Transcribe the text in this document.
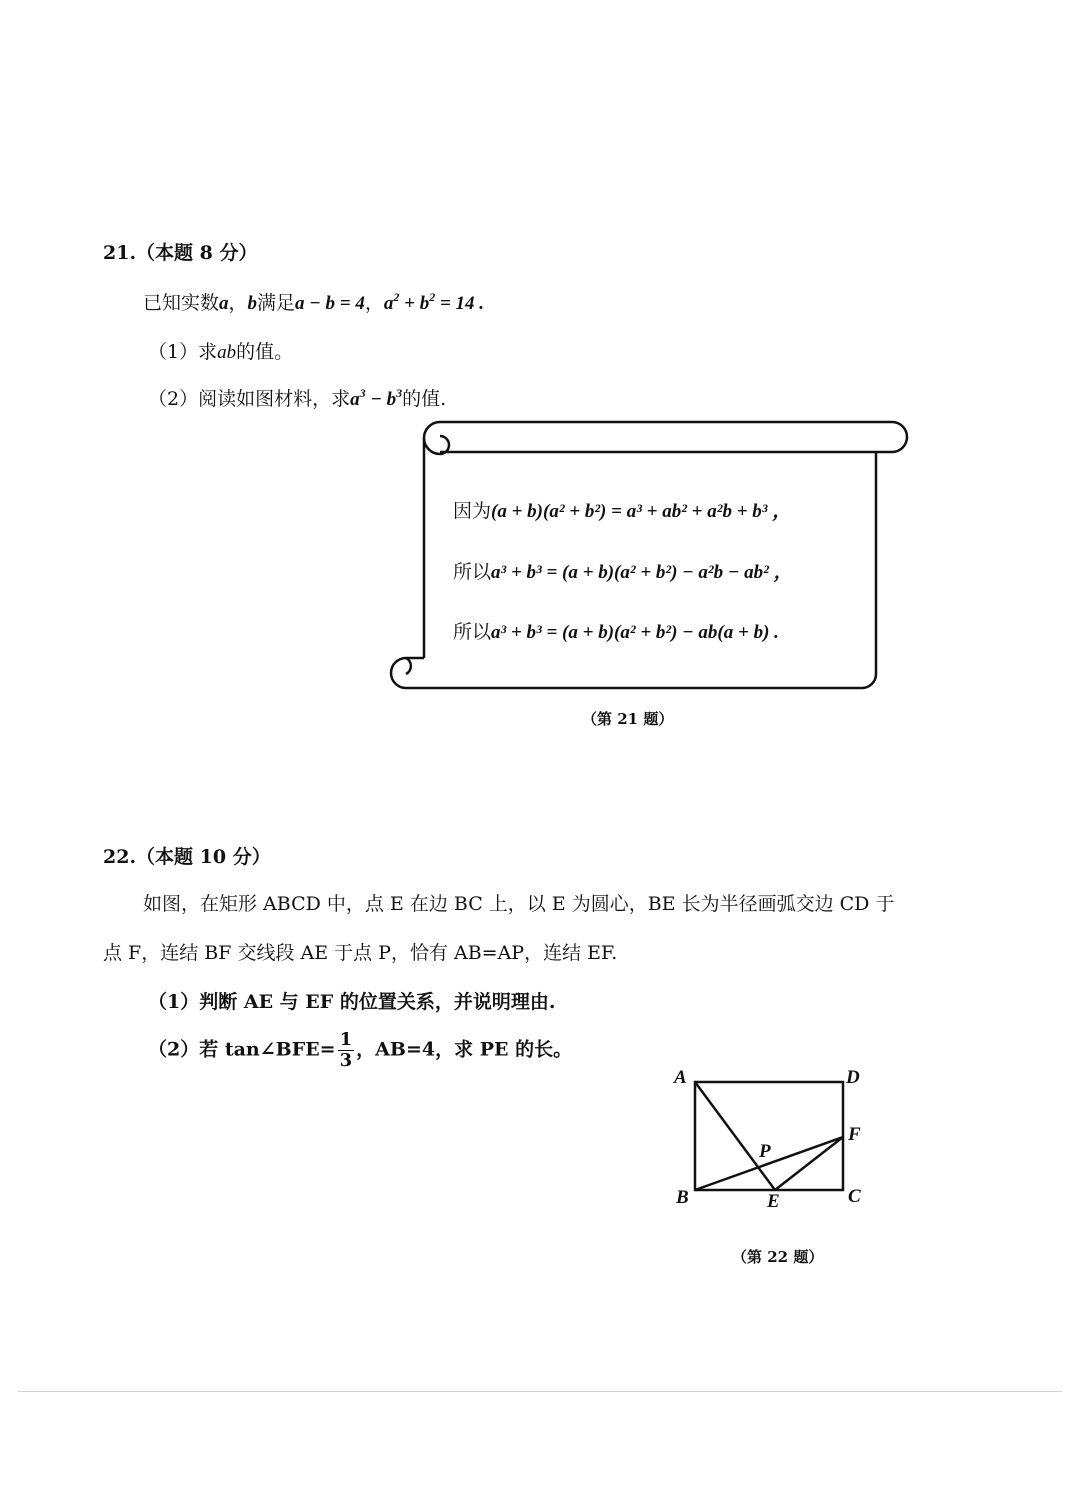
21.（本题 8 分）
已知实数a，b满足a − b = 4，$a^2 + b^2 = 14$ .
（1）求ab的值。
（2）阅读如图材料，求$a^3 - b^3$的值.
因为(a + b)(a² + b²) = a³ + ab² + a²b + b³ ，
所以a³ + b³ = (a + b)(a² + b²) − a²b − ab² ，
所以a³ + b³ = (a + b)(a² + b²) − ab(a + b) .
（第 21 题）
22.（本题 10 分）
如图，在矩形 ABCD 中，点 E 在边 BC 上，以 E 为圆心，BE 长为半径画弧交边 CD 于
点 F，连结 BF 交线段 AE 于点 P，恰有 AB=AP，连结 EF.
（1）判断 AE 与 EF 的位置关系，并说明理由.
（2）若 tan∠BFE= $\frac{1}{3}$ ，AB=4，求 PE 的长。
A	D
B	C
E
F
P
（第 22 题）
